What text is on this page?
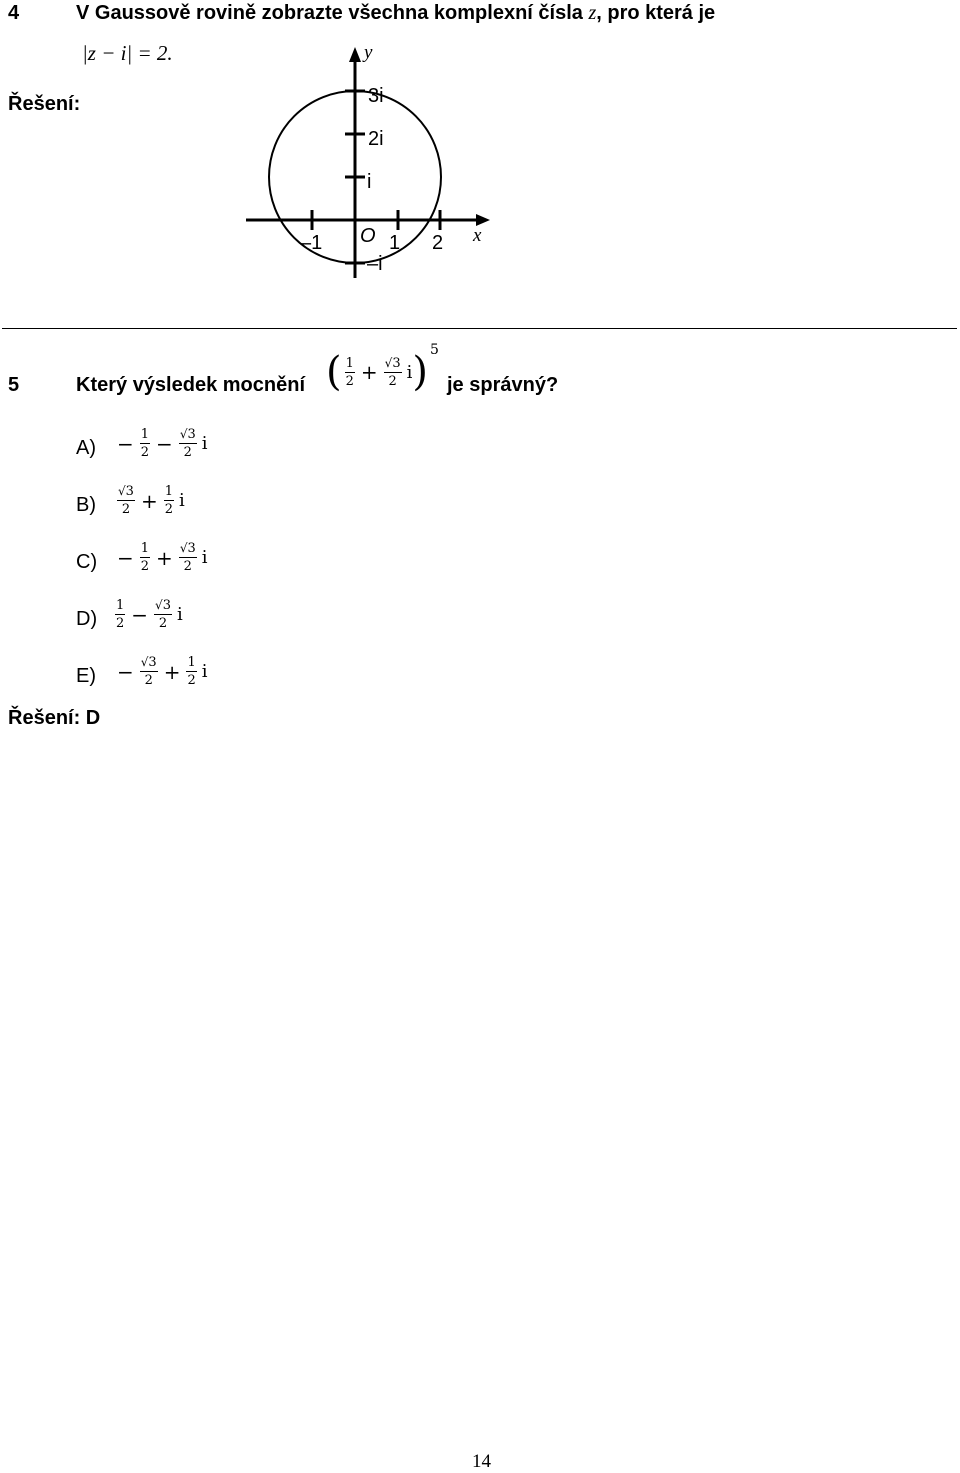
4	V Gaussově rovině zobrazte všechna komplexní čísla z, pro která je
|z − i| = 2.
Řešení:
y
x
O
–1	1 2
3i
2i
i
–i
5	Který výsledek mocnění ( $\frac{1}{2} + \frac{√3}{2}$ i ) 5
je správný?
$A) - \frac{1}{2} - \frac{√3}{2}$ i
$B) \frac{√3}{2} + \frac{1}{2}$ i
$C) - \frac{1}{2} + \frac{√3}{2}$ i
$D) \frac{1}{2} - \frac{√3}{2}$ i
$E) - \frac{√3}{2} + \frac{1}{2}$ i
Řešení: D
14
